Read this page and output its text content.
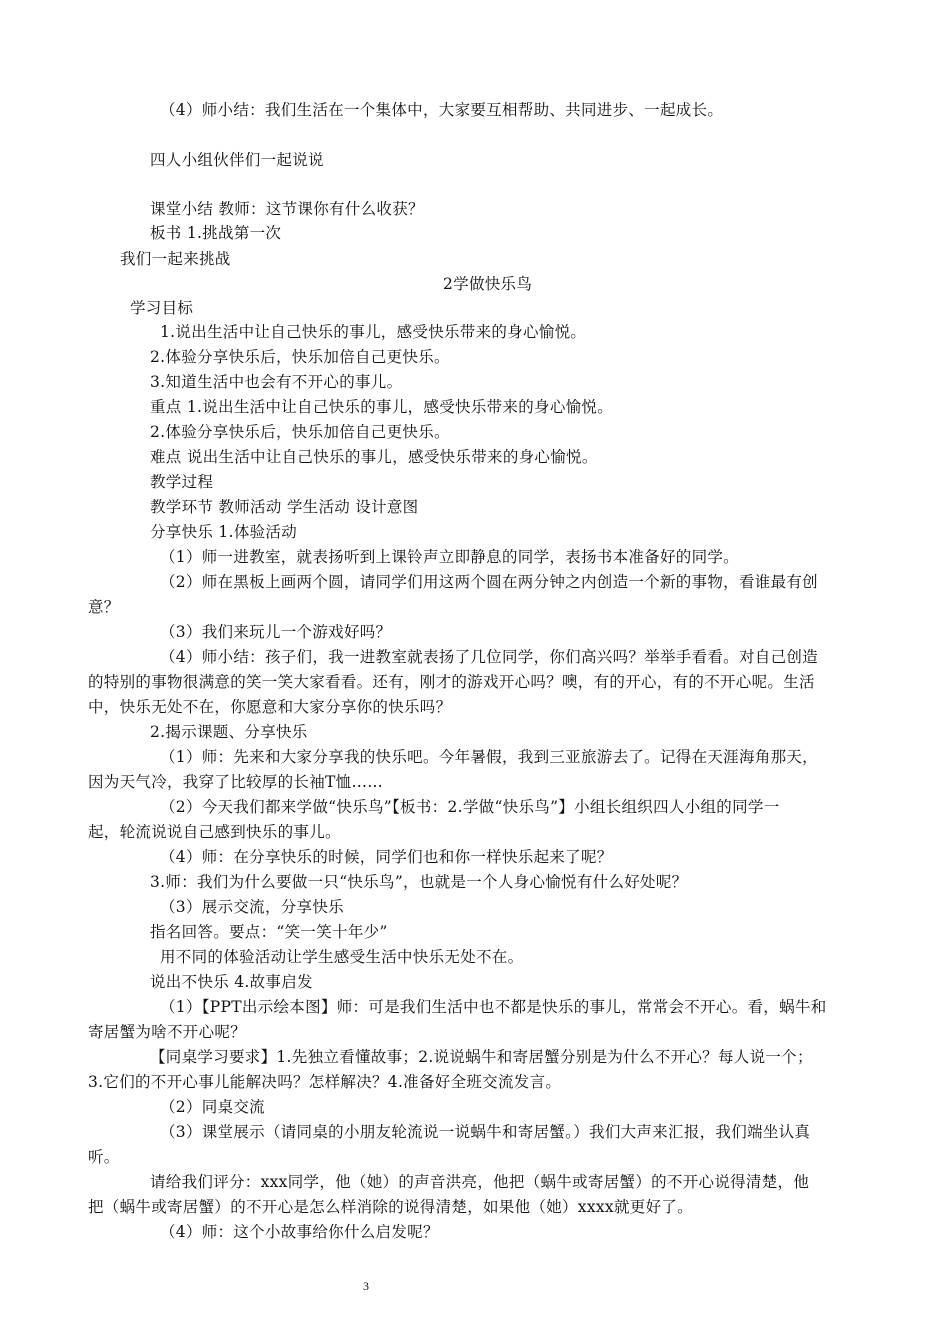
（4）师小结：我们生活在一个集体中，大家要互相帮助、共同进步、一起成长。
四人小组伙伴们一起说说
课堂小结 教师：这节课你有什么收获？
板书 1.挑战第一次
我们一起来挑战
2学做快乐鸟
学习目标
1.说出生活中让自己快乐的事儿，感受快乐带来的身心愉悦。
2.体验分享快乐后，快乐加倍自己更快乐。
3.知道生活中也会有不开心的事儿。
重点 1.说出生活中让自己快乐的事儿，感受快乐带来的身心愉悦。
2.体验分享快乐后，快乐加倍自己更快乐。
难点 说出生活中让自己快乐的事儿，感受快乐带来的身心愉悦。
教学过程
教学环节 教师活动 学生活动 设计意图
分享快乐 1.体验活动
（1）师一进教室，就表扬听到上课铃声立即静息的同学，表扬书本准备好的同学。
（2）师在黑板上画两个圆，请同学们用这两个圆在两分钟之内创造一个新的事物，看谁最有创
意？
（3）我们来玩儿一个游戏好吗？
（4）师小结：孩子们，我一进教室就表扬了几位同学，你们高兴吗？举举手看看。对自己创造
的特别的事物很满意的笑一笑大家看看。还有，刚才的游戏开心吗？噢，有的开心，有的不开心呢。生活
中，快乐无处不在，你愿意和大家分享你的快乐吗？
2.揭示课题、分享快乐
（1）师：先来和大家分享我的快乐吧。今年暑假，我到三亚旅游去了。记得在天涯海角那天，
因为天气冷，我穿了比较厚的长袖T恤……
（2）今天我们都来学做“快乐鸟”【板书：2.学做“快乐鸟”】小组长组织四人小组的同学一
起，轮流说说自己感到快乐的事儿。
（4）师：在分享快乐的时候，同学们也和你一样快乐起来了呢？
3.师：我们为什么要做一只“快乐鸟”，也就是一个人身心愉悦有什么好处呢？
（3）展示交流，分享快乐
指名回答。要点：“笑一笑十年少”
用不同的体验活动让学生感受生活中快乐无处不在。
说出不快乐 4.故事启发
（1）【PPT出示绘本图】师：可是我们生活中也不都是快乐的事儿，常常会不开心。看，蜗牛和
寄居蟹为啥不开心呢？
【同桌学习要求】1.先独立看懂故事；2.说说蜗牛和寄居蟹分别是为什么不开心？每人说一个；
3.它们的不开心事儿能解决吗？怎样解决？4.准备好全班交流发言。
（2）同桌交流
（3）课堂展示（请同桌的小朋友轮流说一说蜗牛和寄居蟹。）我们大声来汇报，我们端坐认真
听。
请给我们评分：xxx同学，他（她）的声音洪亮，他把（蜗牛或寄居蟹）的不开心说得清楚，他
把（蜗牛或寄居蟹）的不开心是怎么样消除的说得清楚，如果他（她）xxxx就更好了。
（4）师：这个小故事给你什么启发呢？
3
